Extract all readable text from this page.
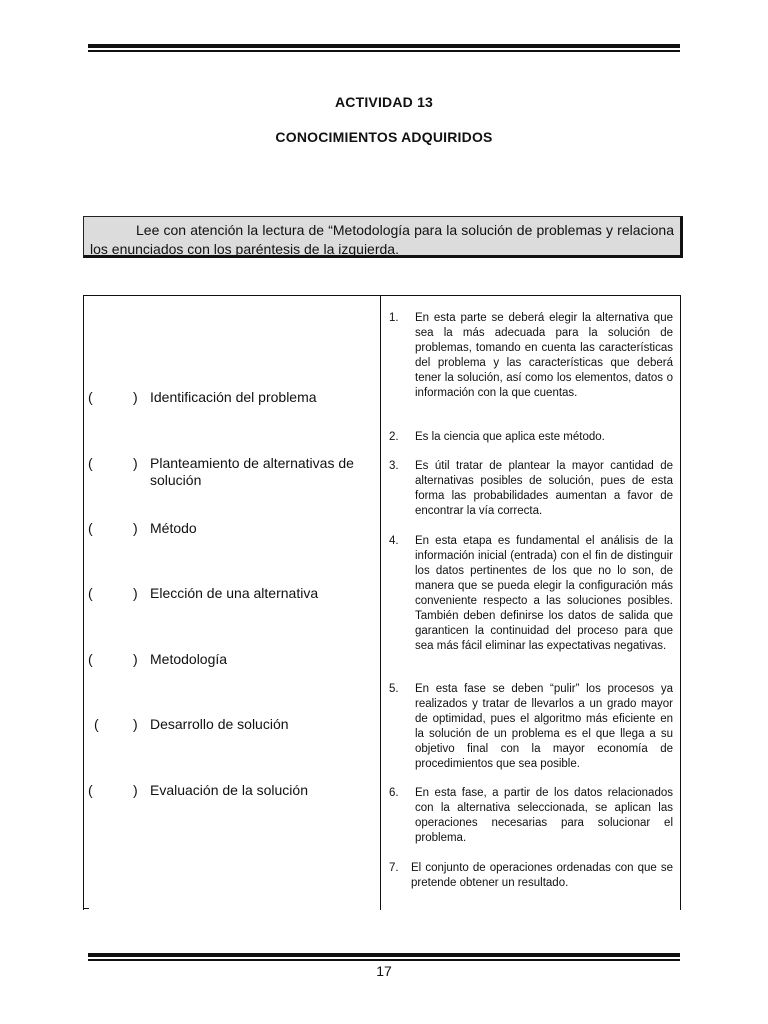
ACTIVIDAD 13
CONOCIMIENTOS ADQUIRIDOS
Lee con atención la lectura de “Metodología para la solución de problemas y relaciona los enunciados con los paréntesis de la izquierda.
(	) Identificación del problema
(	) Planteamiento de alternativas de solución
(	) Método
(	) Elección de una alternativa
(	) Metodología
( ) Desarrollo de solución
(	) Evaluación de la solución
1. En esta parte se deberá elegir la alternativa que sea la más adecuada para la solución de problemas, tomando en cuenta las características del problema y las características que deberá tener la solución, así como los elementos, datos o información con la que cuentas.
2. Es la ciencia que aplica este método.
3. Es útil tratar de plantear la mayor cantidad de alternativas posibles de solución, pues de esta forma las probabilidades aumentan a favor de encontrar la vía correcta.
4. En esta etapa es fundamental el análisis de la información inicial (entrada) con el fin de distinguir los datos pertinentes de los que no lo son, de manera que se pueda elegir la configuración más conveniente respecto a las soluciones posibles. También deben definirse los datos de salida que garanticen la continuidad del proceso para que sea más fácil eliminar las expectativas negativas.
5. En esta fase se deben “pulir” los procesos ya realizados y tratar de llevarlos a un grado mayor de optimidad, pues el algoritmo más eficiente en la solución de un problema es el que llega a su objetivo final con la mayor economía de procedimientos que sea posible.
6. En esta fase, a partir de los datos relacionados con la alternativa seleccionada, se aplican las operaciones necesarias para solucionar el problema.
7. El conjunto de operaciones ordenadas con que se pretende obtener un resultado.
17
